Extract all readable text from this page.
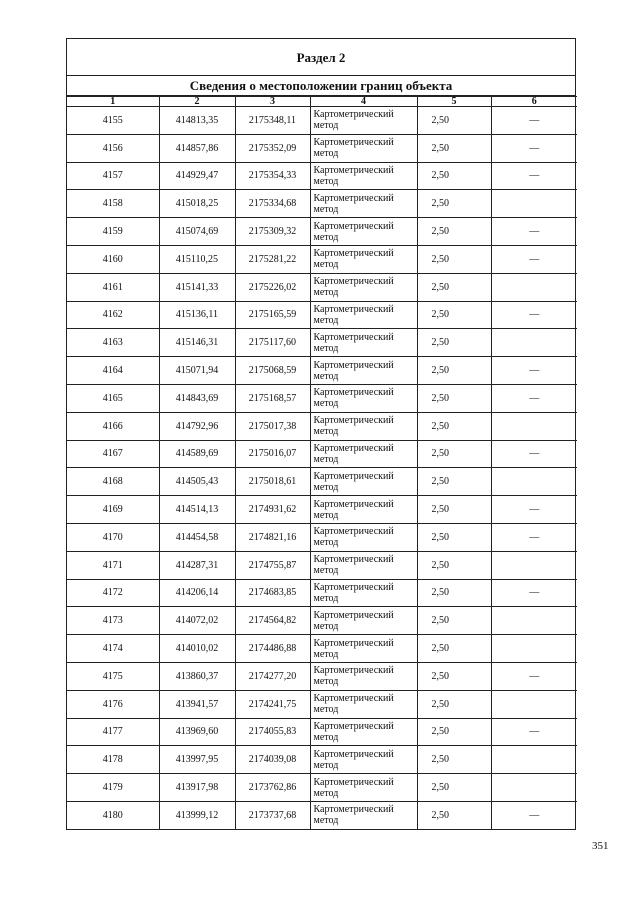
Раздел 2
Сведения о местоположении границ объекта
1	2	3	4	5	6
4155	414813,35	2175348,11	Картометрический метод	2,50	—
4156	414857,86	2175352,09	Картометрический метод	2,50	—
4157	414929,47	2175354,33	Картометрический метод	2,50	—
4158	415018,25	2175334,68	Картометрический метод	2,50	
4159	415074,69	2175309,32	Картометрический метод	2,50	—
4160	415110,25	2175281,22	Картометрический метод	2,50	—
4161	415141,33	2175226,02	Картометрический метод	2,50	
4162	415136,11	2175165,59	Картометрический метод	2,50	—
4163	415146,31	2175117,60	Картометрический метод	2,50	
4164	415071,94	2175068,59	Картометрический метод	2,50	—
4165	414843,69	2175168,57	Картометрический метод	2,50	—
4166	414792,96	2175017,38	Картометрический метод	2,50	
4167	414589,69	2175016,07	Картометрический метод	2,50	—
4168	414505,43	2175018,61	Картометрический метод	2,50	
4169	414514,13	2174931,62	Картометрический метод	2,50	—
4170	414454,58	2174821,16	Картометрический метод	2,50	—
4171	414287,31	2174755,87	Картометрический метод	2,50	
4172	414206,14	2174683,85	Картометрический метод	2,50	—
4173	414072,02	2174564,82	Картометрический метод	2,50	
4174	414010,02	2174486,88	Картометрический метод	2,50	
4175	413860,37	2174277,20	Картометрический метод	2,50	—
4176	413941,57	2174241,75	Картометрический метод	2,50	
4177	413969,60	2174055,83	Картометрический метод	2,50	—
4178	413997,95	2174039,08	Картометрический метод	2,50	
4179	413917,98	2173762,86	Картометрический метод	2,50	
4180	413999,12	2173737,68	Картометрический метод	2,50	—
351
